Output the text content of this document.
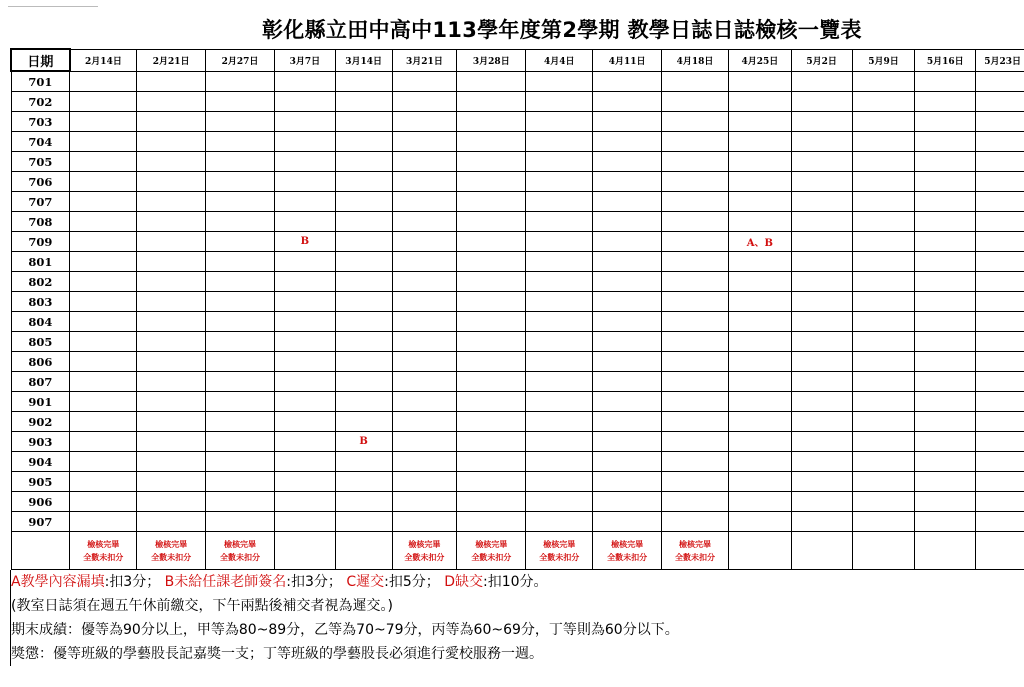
彰化縣立田中高中113學年度第2學期 教學日誌日誌檢核一覽表
日期	2月14日	2月21日	2月27日	3月7日	3月14日	3月21日	3月28日	4月4日	4月11日	4月18日	4月25日	5月2日	5月9日	5月16日	5月23日
701															
702															
703															
704															
705															
706															
707															
708															
709				B							A、B				
801															
802															
803															
804															
805															
806															
807															
901															
902															
903					B										
904															
905															
906															
907															
	檢核完畢
全數未扣分	檢核完畢
全數未扣分	檢核完畢
全數未扣分			檢核完畢
全數未扣分	檢核完畢
全數未扣分	檢核完畢
全數未扣分	檢核完畢
全數未扣分	檢核完畢
全數未扣分					
A教學內容漏填:扣3分； B未給任課老師簽名:扣3分； C遲交:扣5分； D缺交:扣10分。
(教室日誌須在週五午休前繳交，下午兩點後補交者視為遲交。)
期末成績：優等為90分以上，甲等為80~89分，乙等為70~79分，丙等為60~69分，丁等則為60分以下。
獎懲：優等班級的學藝股長記嘉獎一支；丁等班級的學藝股長必須進行愛校服務一週。
